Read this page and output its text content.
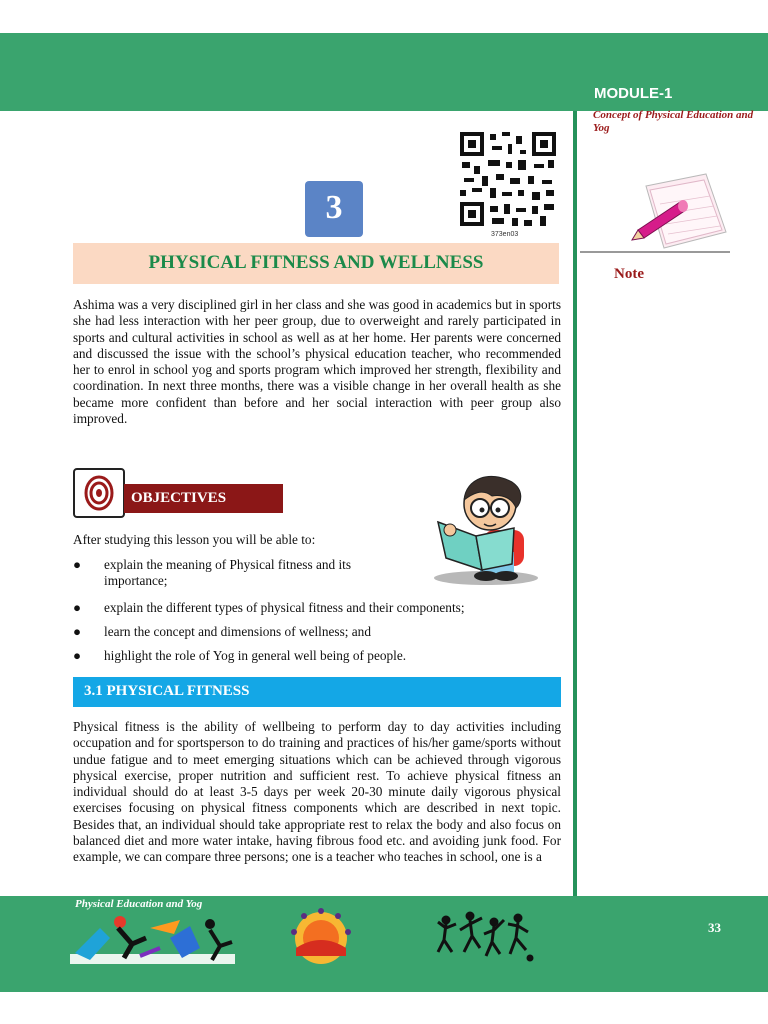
MODULE-1
Concept of Physical Education and Yog
373en03
3
PHYSICAL FITNESS AND WELLNESS
Note

Ashima was a very disciplined girl in her class and she was good in academics but in sports she had less interaction with her peer group, due to overweight and rarely participated in sports and cultural activities in school as well as at her home. Her parents were concerned and discussed the issue with the school’s physical education teacher, who recommended her to enrol in school yog and sports program which improved her strength, flexibility and coordination. In next three months, there was a visible change in her overall health as she became more confident than before and her social interaction with peer group also improved.

OBJECTIVES
After studying this lesson you will be able to:
● explain the meaning of Physical fitness and its
importance;
● explain the different types of physical fitness and their components;
● learn the concept and dimensions of wellness; and
● highlight the role of Yog in general well being of people.
3.1 PHYSICAL FITNESS

Physical fitness is the ability of wellbeing to perform day to day activities including occupation and for sportsperson to do training and practices of his/her game/sports without undue fatigue and to meet emerging situations which can be achieved through vigorous physical exercise, proper nutrition and sufficient rest. To achieve physical fitness an individual should do at least 3-5 days per week 20-30 minute daily vigorous physical exercises focusing on physical fitness components which are described in next topic. Besides that, an individual should take appropriate rest to relax the body and also focus on balanced diet and more water intake, having fibrous food etc. and avoiding junk food. For example, we can compare three persons; one is a teacher who teaches in school, one is a

Physical Education and Yog
33
